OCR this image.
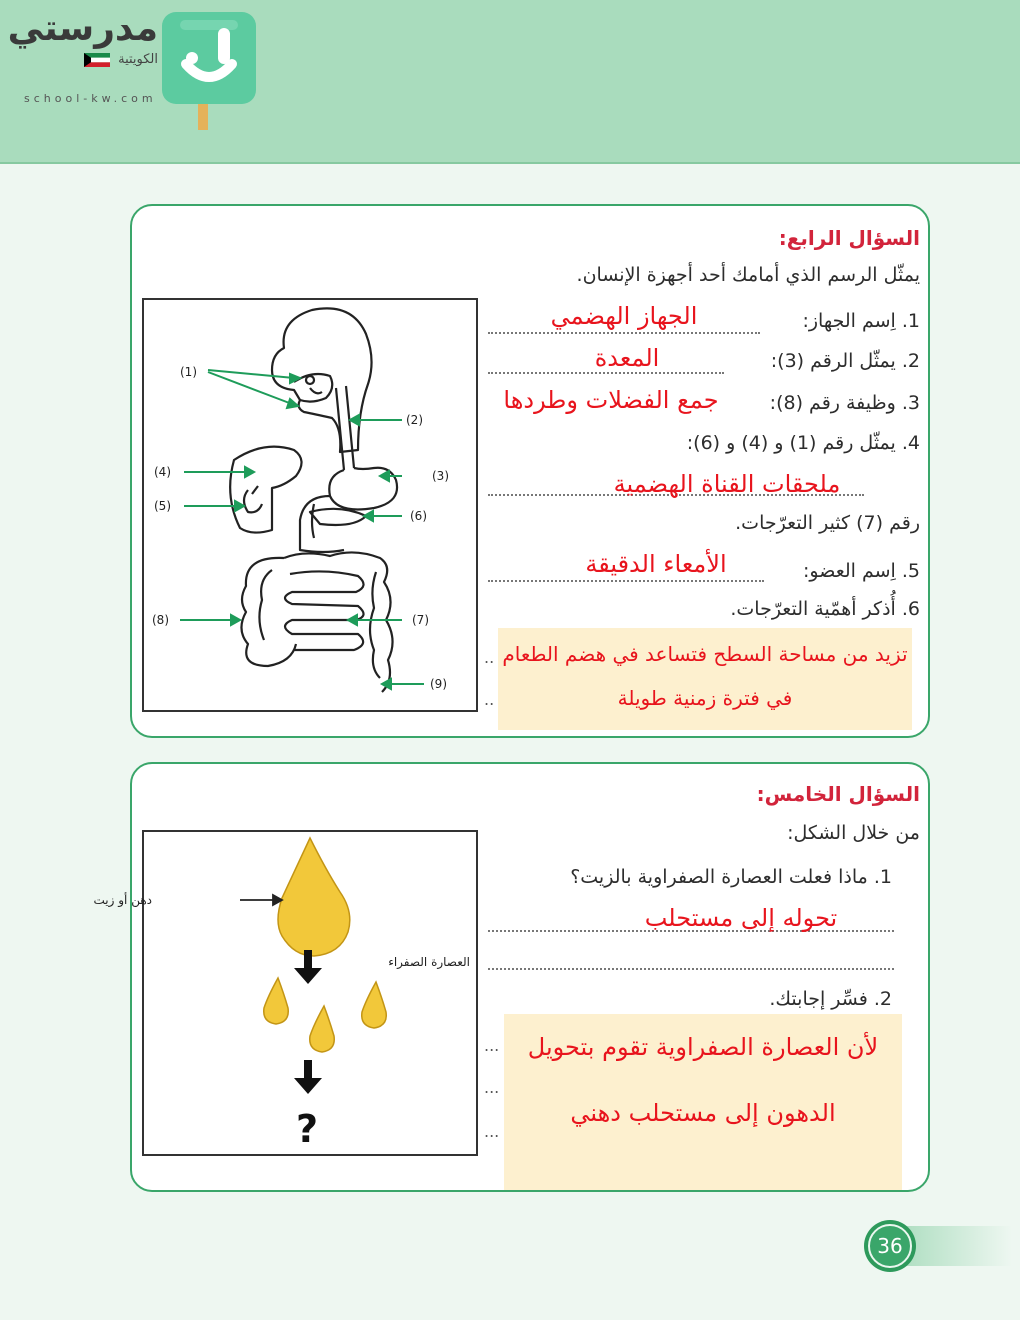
مدرستي
الكويتية
school-kw.com
السؤال الرابع:
يمثّل الرسم الذي أمامك أحد أجهزة الإنسان.
1. اِسم الجهاز:
الجهاز الهضمي
2. يمثّل الرقم (3):
المعدة
3. وظيفة رقم (8):
جمع الفضلات وطردها
4. يمثّل رقم (1) و (4) و (6):
ملحقات القناة الهضمية
رقم (7) كثير التعرّجات.
5. اِسم العضو:
الأمعاء الدقيقة
6. أُذكر أهمّية التعرّجات.
..
..
تزيد من مساحة السطح فتساعد في هضم الطعام في فترة زمنية طويلة
(1)
(2)
(3)
(4)
(5)
(6)
(7)
(8)
(9)
السؤال الخامس:
من خلال الشكل:
1. ماذا فعلت العصارة الصفراوية بالزيت؟
تحوله إلى مستحلب
2. فسِّر إجابتك.
...
...
...
لأن العصارة الصفراوية تقوم بتحويل الدهون إلى مستحلب دهني
دهن أو زيت
العصارة الصفراء
?
36
